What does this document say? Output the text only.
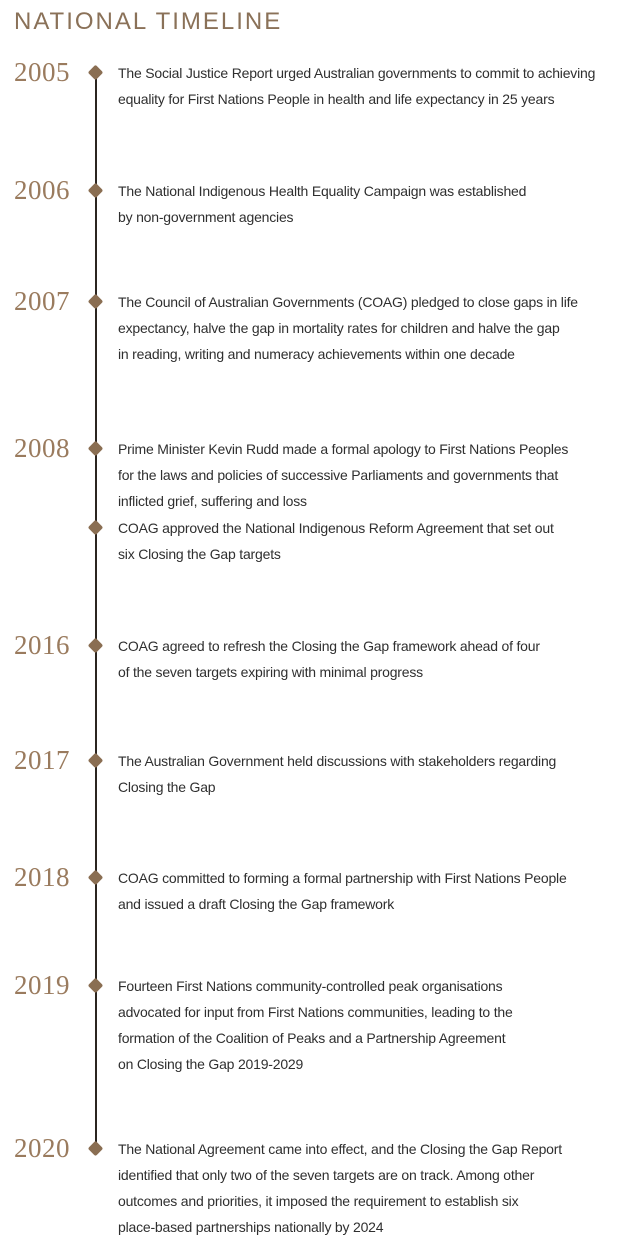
NATIONAL TIMELINE
2005	The Social Justice Report urged Australian governments to commit to achieving
equality for First Nations People in health and life expectancy in 25 years
2006	The National Indigenous Health Equality Campaign was established
by non-government agencies
2007	The Council of Australian Governments (COAG) pledged to close gaps in life
expectancy, halve the gap in mortality rates for children and halve the gap
in reading, writing and numeracy achievements within one decade
2008	Prime Minister Kevin Rudd made a formal apology to First Nations Peoples
for the laws and policies of successive Parliaments and governments that
inflicted grief, suffering and loss
COAG approved the National Indigenous Reform Agreement that set out
six Closing the Gap targets
2016	COAG agreed to refresh the Closing the Gap framework ahead of four
of the seven targets expiring with minimal progress
2017	The Australian Government held discussions with stakeholders regarding
Closing the Gap
2018	COAG committed to forming a formal partnership with First Nations People
and issued a draft Closing the Gap framework
2019	Fourteen First Nations community-controlled peak organisations
advocated for input from First Nations communities, leading to the
formation of the Coalition of Peaks and a Partnership Agreement
on Closing the Gap 2019-2029
2020	The National Agreement came into effect, and the Closing the Gap Report
identified that only two of the seven targets are on track. Among other
outcomes and priorities, it imposed the requirement to establish six
place-based partnerships nationally by 2024
